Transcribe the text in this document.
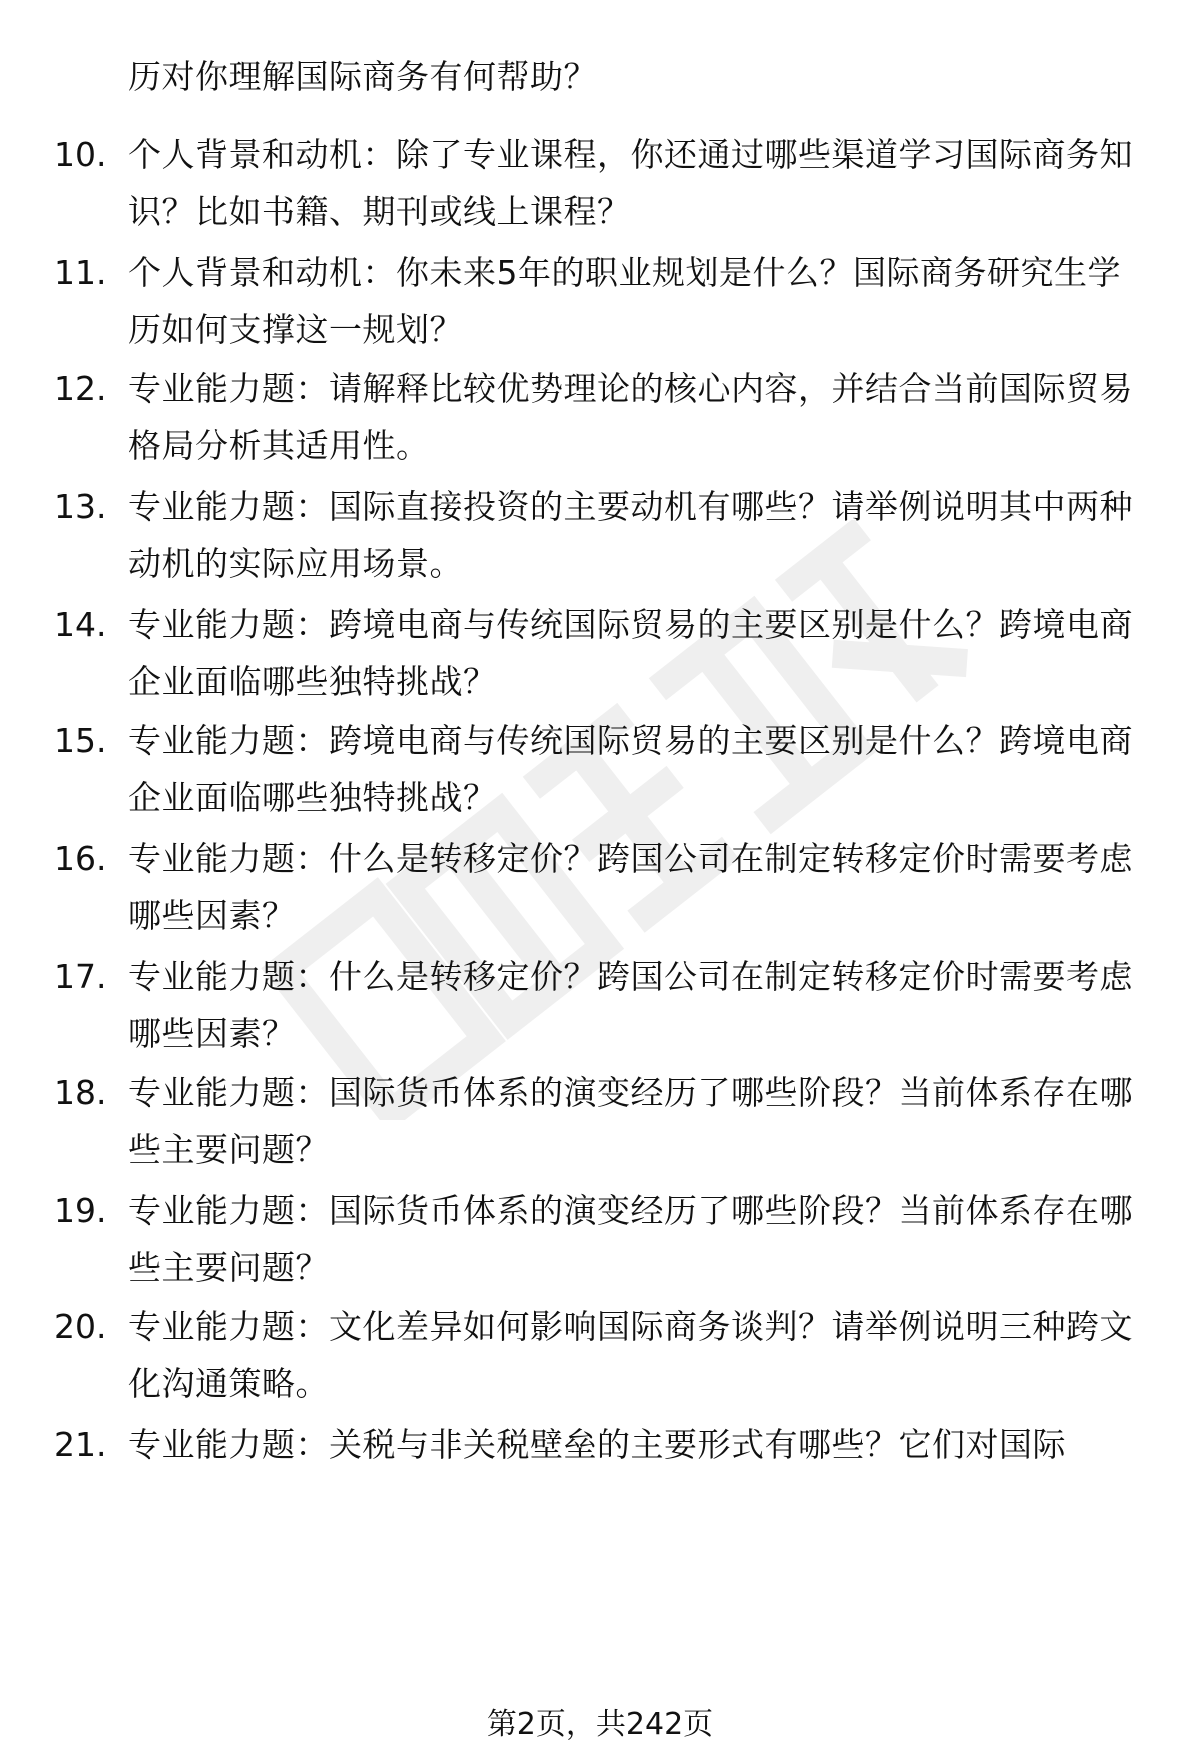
历对你理解国际商务有何帮助？
10. 个人背景和动机：除了专业课程，你还通过哪些渠道学习国际商务知识？比如书籍、期刊或线上课程？
11. 个人背景和动机：你未来5年的职业规划是什么？国际商务研究生学历如何支撑这一规划？
12. 专业能力题：请解释比较优势理论的核心内容，并结合当前国际贸易格局分析其适用性。
13. 专业能力题：国际直接投资的主要动机有哪些？请举例说明其中两种动机的实际应用场景。
14. 专业能力题：跨境电商与传统国际贸易的主要区别是什么？跨境电商企业面临哪些独特挑战？
15. 专业能力题：跨境电商与传统国际贸易的主要区别是什么？跨境电商企业面临哪些独特挑战？
16. 专业能力题：什么是转移定价？跨国公司在制定转移定价时需要考虑哪些因素？
17. 专业能力题：什么是转移定价？跨国公司在制定转移定价时需要考虑哪些因素？
18. 专业能力题：国际货币体系的演变经历了哪些阶段？当前体系存在哪些主要问题？
19. 专业能力题：国际货币体系的演变经历了哪些阶段？当前体系存在哪些主要问题？
20. 专业能力题：文化差异如何影响国际商务谈判？请举例说明三种跨文化沟通策略。
21. 专业能力题：关税与非关税壁垒的主要形式有哪些？它们对国际
第2页，共242页
